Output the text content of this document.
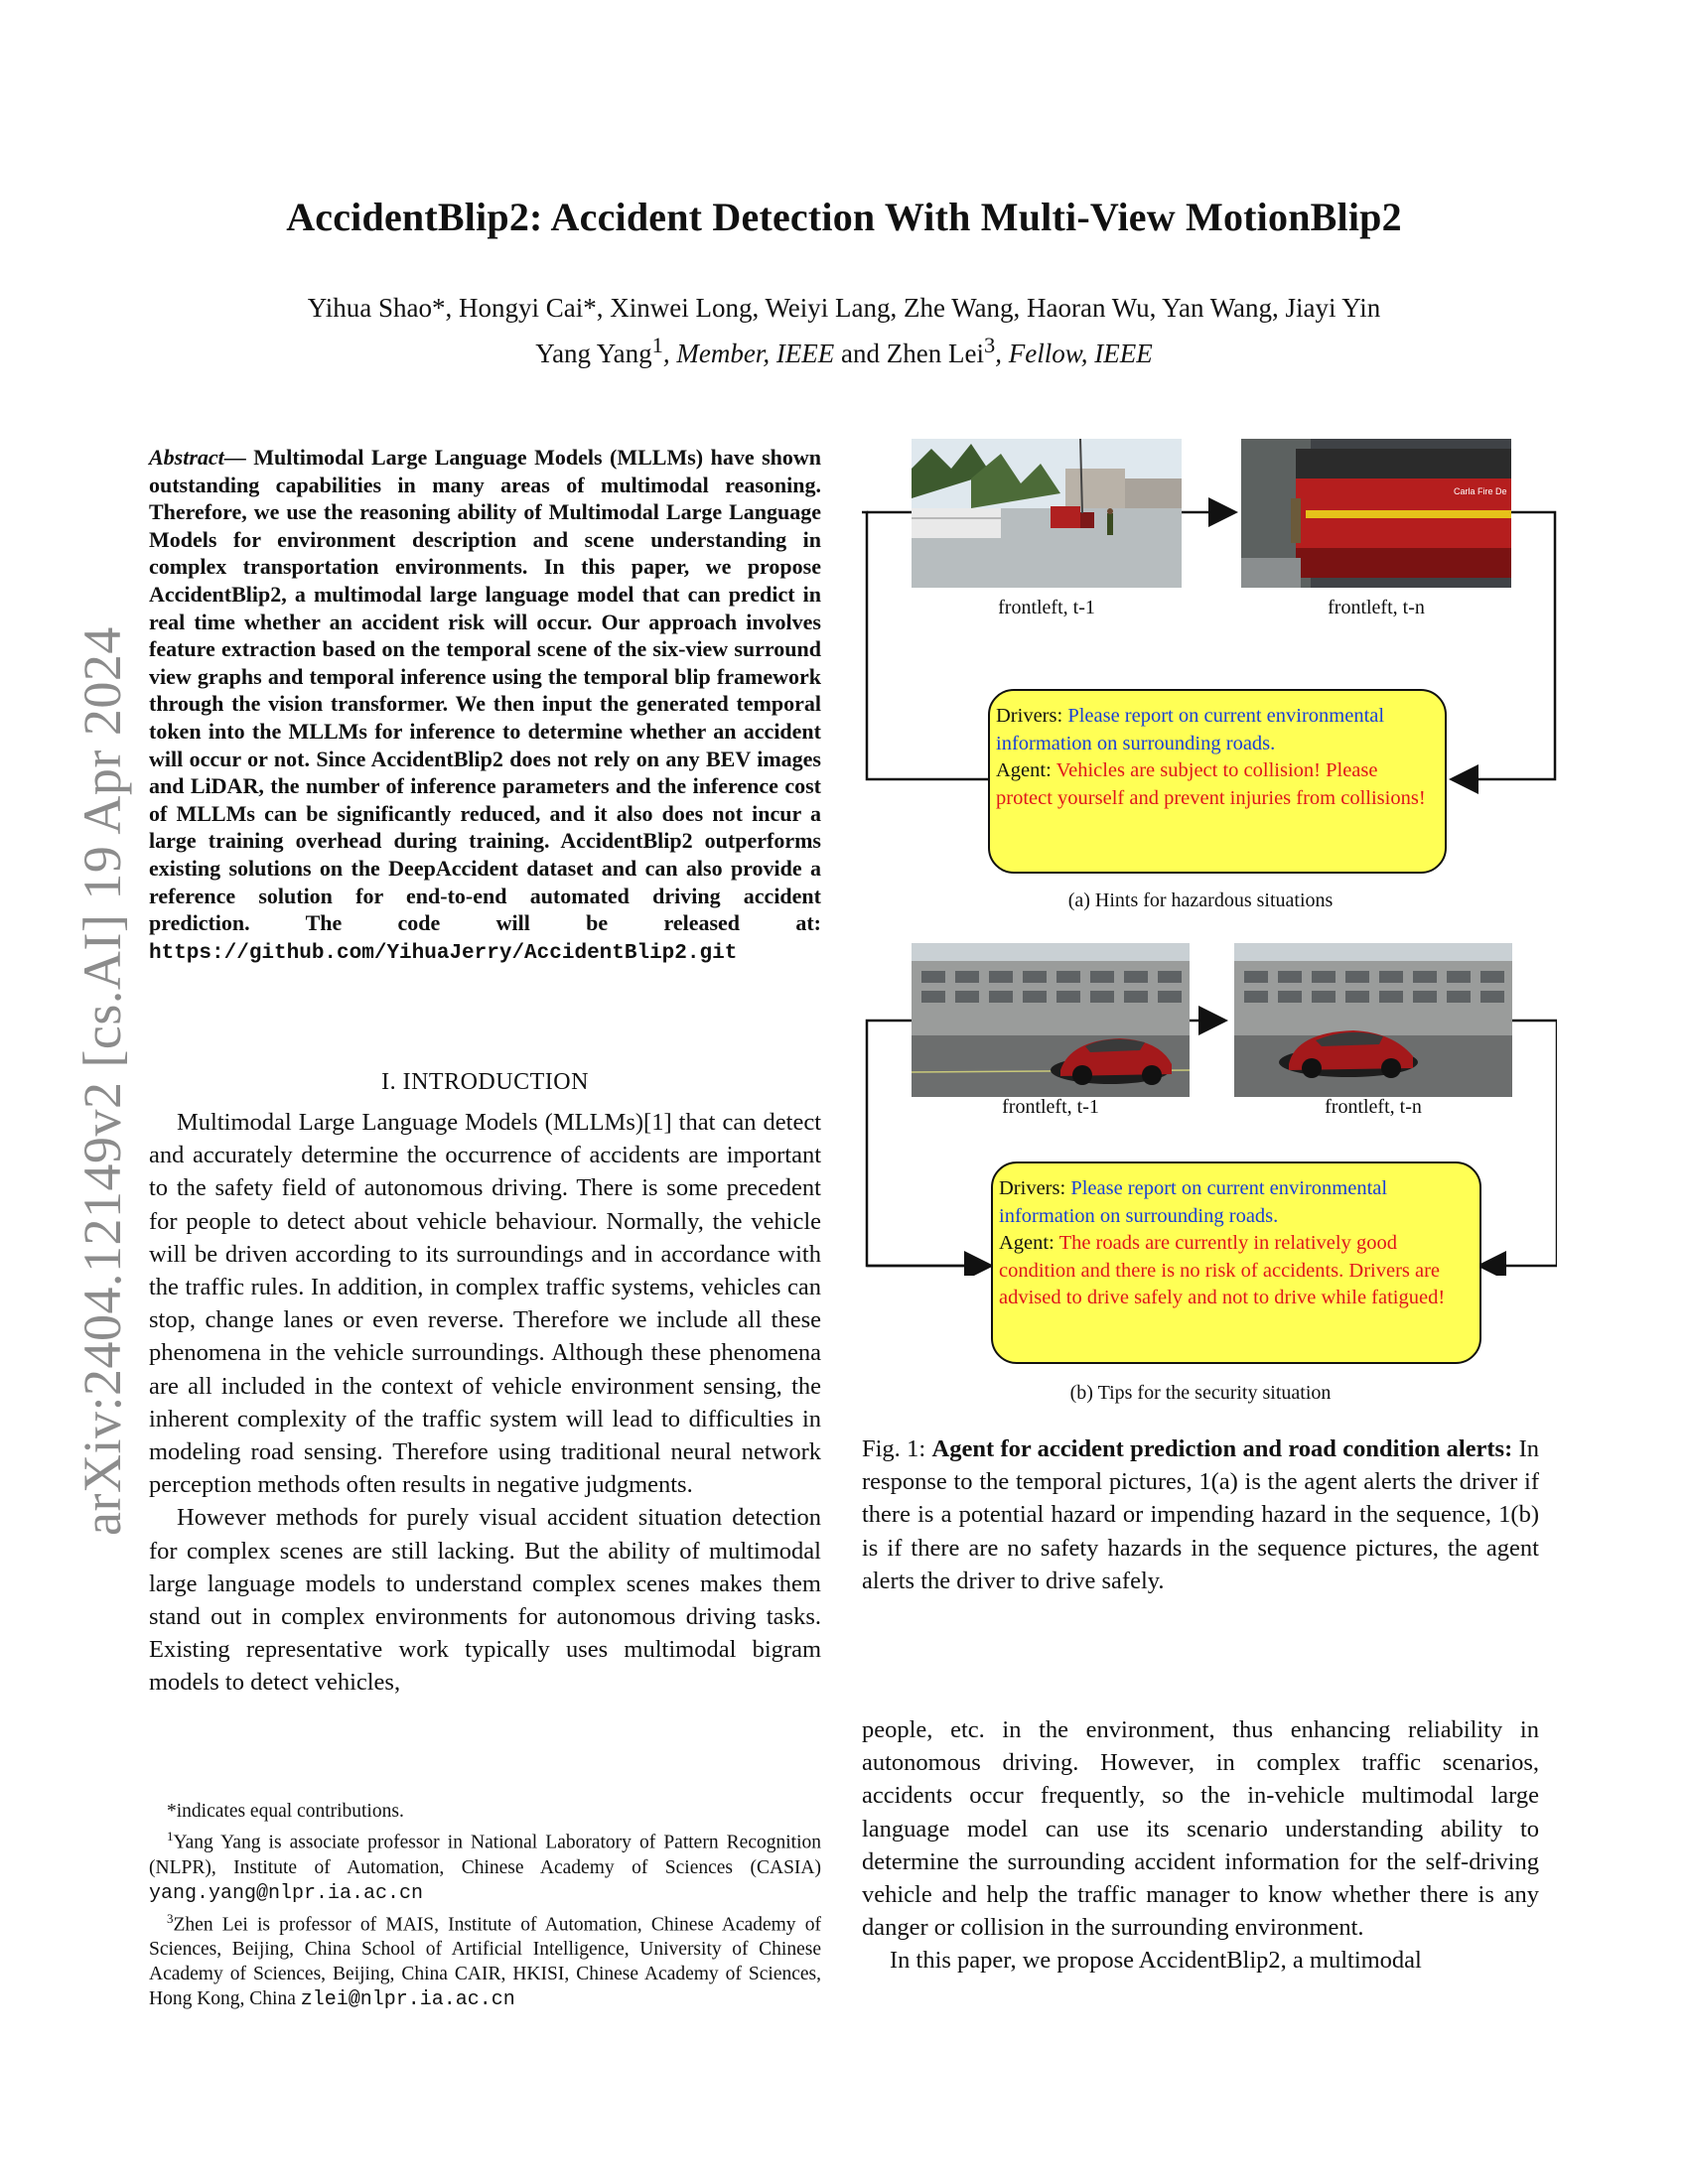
AccidentBlip2: Accident Detection With Multi-View MotionBlip2
Yihua Shao*, Hongyi Cai*, Xinwei Long, Weiyi Lang, Zhe Wang, Haoran Wu, Yan Wang, Jiayi Yin
Yang Yang$^1$, Member, IEEE and Zhen Lei$^3$, Fellow, IEEE
arXiv:2404.12149v2 [cs.AI] 19 Apr 2024
Abstract— Multimodal Large Language Models (MLLMs) have shown outstanding capabilities in many areas of multimodal reasoning. Therefore, we use the reasoning ability of Multimodal Large Language Models for environment description and scene understanding in complex transportation environments. In this paper, we propose AccidentBlip2, a multimodal large language model that can predict in real time whether an accident risk will occur. Our approach involves feature extraction based on the temporal scene of the six-view surround view graphs and temporal inference using the temporal blip framework through the vision transformer. We then input the generated temporal token into the MLLMs for inference to determine whether an accident will occur or not. Since AccidentBlip2 does not rely on any BEV images and LiDAR, the number of inference parameters and the inference cost of MLLMs can be significantly reduced, and it also does not incur a large training overhead during training. AccidentBlip2 outperforms existing solutions on the DeepAccident dataset and can also provide a reference solution for end-to-end automated driving accident prediction. The code will be released at: https://github.com/YihuaJerry/AccidentBlip2.git
I. INTRODUCTION

Multimodal Large Language Models (MLLMs)[1] that can detect and accurately determine the occurrence of accidents are important to the safety field of autonomous driving. There is some precedent for people to detect about vehicle behaviour. Normally, the vehicle will be driven according to its surroundings and in accordance with the traffic rules. In addition, in complex traffic systems, vehicles can stop, change lanes or even reverse. Therefore we include all these phenomena in the vehicle surroundings. Although these phenomena are all included in the context of vehicle environment sensing, the inherent complexity of the traffic system will lead to difficulties in modeling road sensing. Therefore using traditional neural network perception methods often results in negative judgments.

However methods for purely visual accident situation detection for complex scenes are still lacking. But the ability of multimodal large language models to understand complex scenes makes them stand out in complex environments for autonomous driving tasks. Existing representative work typically uses multimodal bigram models to detect vehicles,

*indicates equal contributions.

$^1$Yang Yang is associate professor in National Laboratory of Pattern Recognition (NLPR), Institute of Automation, Chinese Academy of Sciences (CASIA) yang.yang@nlpr.ia.ac.cn

$^3$Zhen Lei is professor of MAIS, Institute of Automation, Chinese Academy of Sciences, Beijing, China School of Artificial Intelligence, University of Chinese Academy of Sciences, Beijing, China CAIR, HKISI, Chinese Academy of Sciences, Hong Kong, China zlei@nlpr.ia.ac.cn

Carla Fire De
frontleft, t-1	frontleft, t-n
Drivers: Please report on current environmental information on surrounding roads.
Agent: Vehicles are subject to collision! Please protect yourself and prevent injuries from collisions!
(a) Hints for hazardous situations
frontleft, t-1	frontleft, t-n
Drivers: Please report on current environmental information on surrounding roads.
Agent: The roads are currently in relatively good condition and there is no risk of accidents. Drivers are advised to drive safely and not to drive while fatigued!
(b) Tips for the security situation
Fig. 1: Agent for accident prediction and road condition alerts: In response to the temporal pictures, 1(a) is the agent alerts the driver if there is a potential hazard or impending hazard in the sequence, 1(b) is if there are no safety hazards in the sequence pictures, the agent alerts the driver to drive safely.

people, etc. in the environment, thus enhancing reliability in autonomous driving. However, in complex traffic scenarios, accidents occur frequently, so the in-vehicle multimodal large language model can use its scenario understanding ability to determine the surrounding accident information for the self-driving vehicle and help the traffic manager to know whether there is any danger or collision in the surrounding environment.

In this paper, we propose AccidentBlip2, a multimodal
